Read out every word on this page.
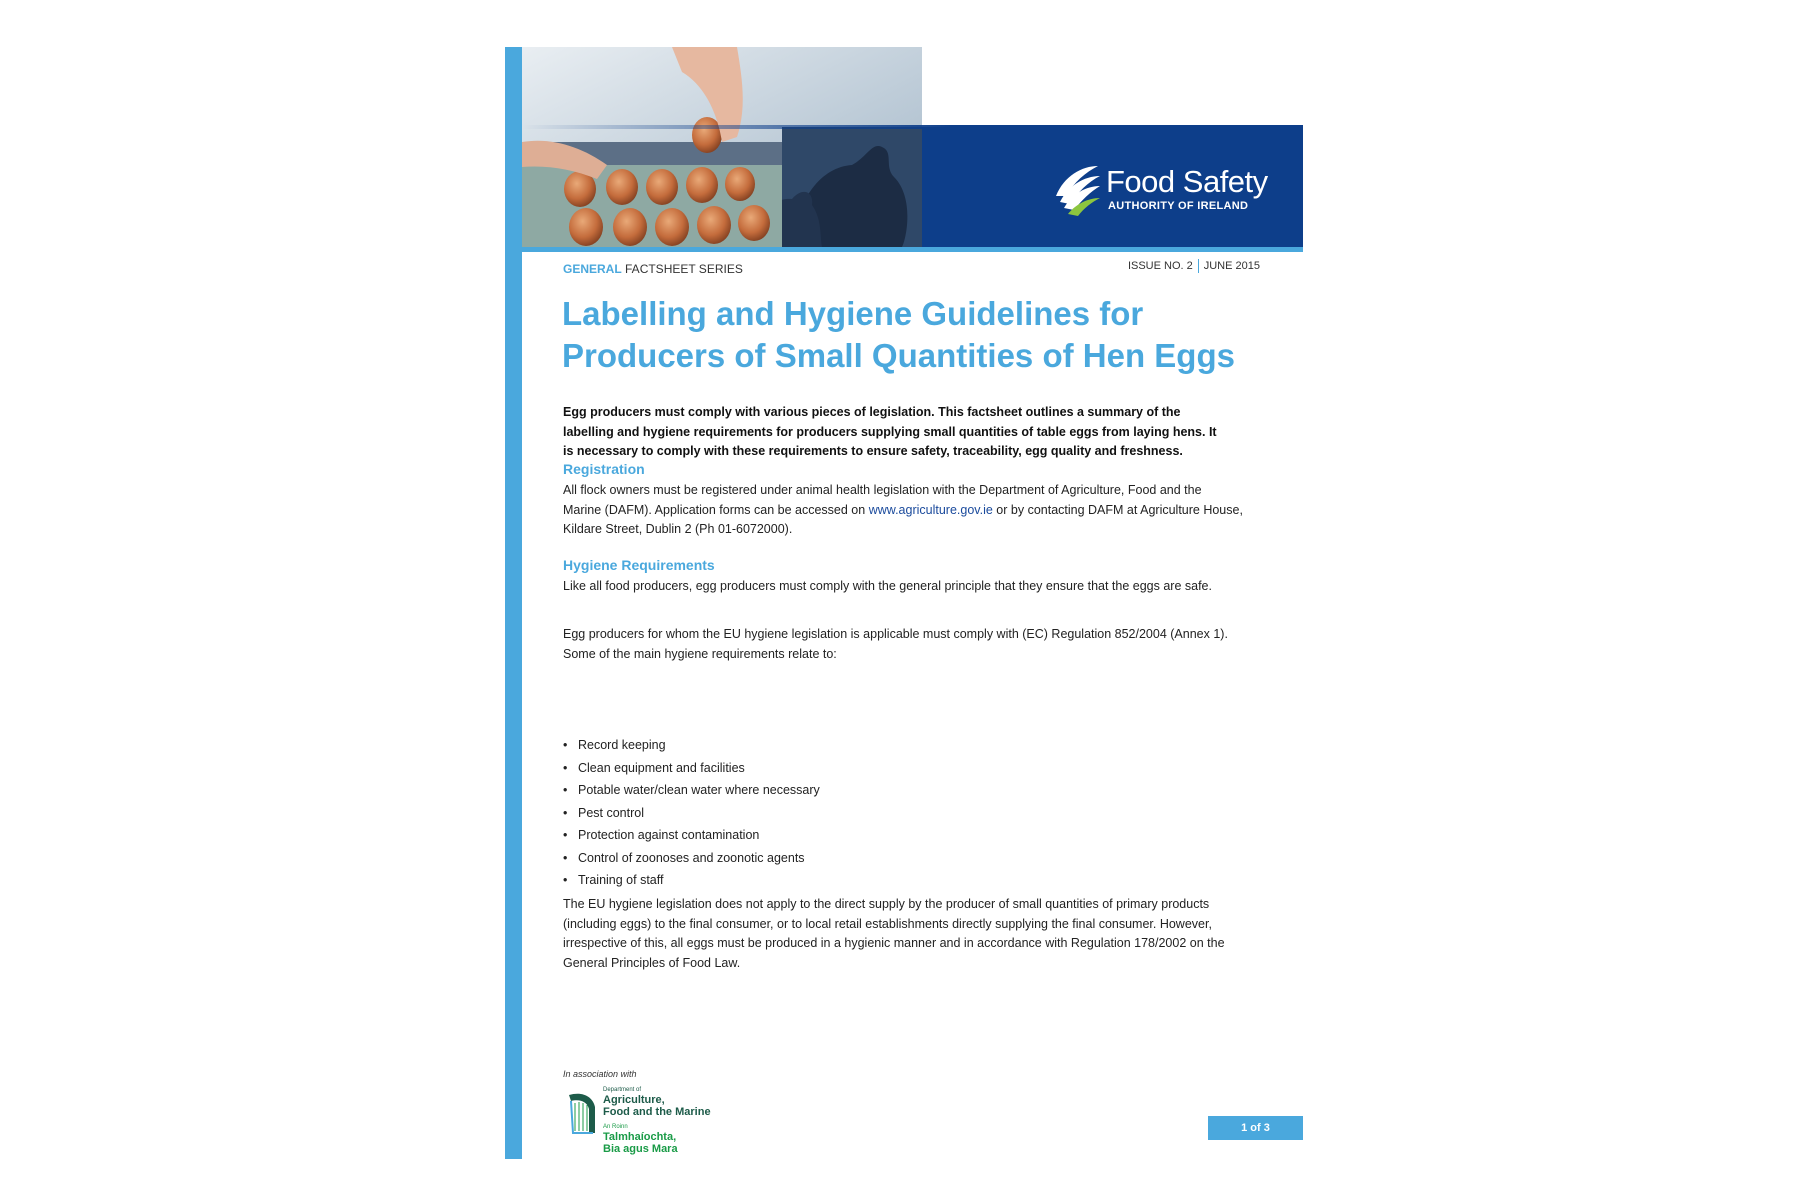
Food Safety
AUTHORITY OF IRELAND
GENERAL FACTSHEET SERIES	ISSUE NO. 2 JUNE 2015
Labelling and Hygiene Guidelines for
Producers of Small Quantities of Hen Eggs

Egg producers must comply with various pieces of legislation. This factsheet outlines a summary of the labelling and hygiene requirements for producers supplying small quantities of table eggs from laying hens. It is necessary to comply with these requirements to ensure safety, traceability, egg quality and freshness.

Registration

All flock owners must be registered under animal health legislation with the Department of Agriculture, Food and the Marine (DAFM). Application forms can be accessed on www.agriculture.gov.ie or by contacting DAFM at Agriculture House, Kildare Street, Dublin 2 (Ph 01-6072000).

Hygiene Requirements

Like all food producers, egg producers must comply with the general principle that they ensure that the eggs are safe.

Egg producers for whom the EU hygiene legislation is applicable must comply with (EC) Regulation 852/2004 (Annex 1). Some of the main hygiene requirements relate to:

• Record keeping
• Clean equipment and facilities
• Potable water/clean water where necessary
• Pest control
• Protection against contamination
• Control of zoonoses and zoonotic agents
• Training of staff

The EU hygiene legislation does not apply to the direct supply by the producer of small quantities of primary products (including eggs) to the final consumer, or to local retail establishments directly supplying the final consumer. However, irrespective of this, all eggs must be produced in a hygienic manner and in accordance with Regulation 178/2002 on the General Principles of Food Law.

In association with
Department of
Agriculture,
Food and the Marine
An Roinn
Talmhaíochta,
Bia agus Mara
1 of 3
